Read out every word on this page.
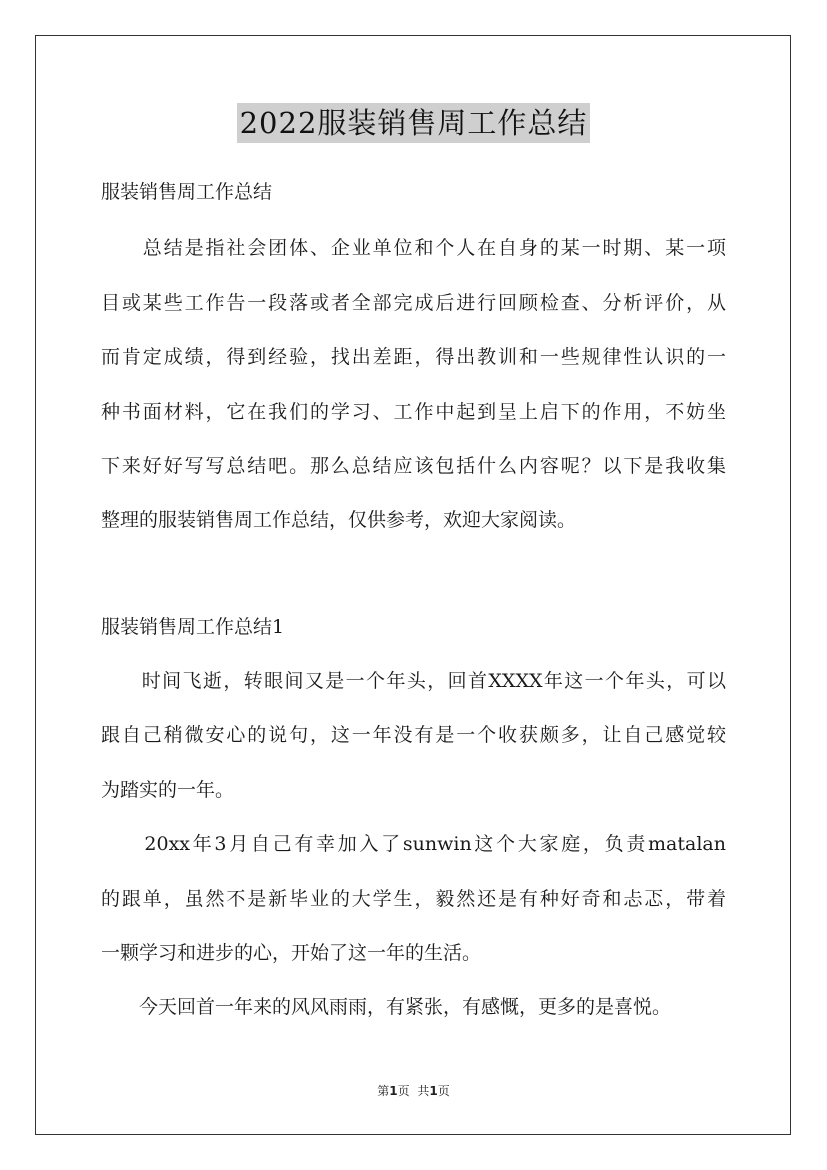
2022服装销售周工作总结
服装销售周工作总结
　　总结是指社会团体、企业单位和个人在自身的某一时期、某一项
目或某些工作告一段落或者全部完成后进行回顾检查、分析评价，从
而肯定成绩，得到经验，找出差距，得出教训和一些规律性认识的一
种书面材料，它在我们的学习、工作中起到呈上启下的作用，不妨坐
下来好好写写总结吧。那么总结应该包括什么内容呢？以下是我收集
整理的服装销售周工作总结，仅供参考，欢迎大家阅读。
服装销售周工作总结1
　　时间飞逝，转眼间又是一个年头，回首XXXX年这一个年头，可以
跟自己稍微安心的说句，这一年没有是一个收获颇多，让自己感觉较
为踏实的一年。
　　20xx年3月自己有幸加入了sunwin这个大家庭，负责matalan
的跟单，虽然不是新毕业的大学生，毅然还是有种好奇和忐忑，带着
一颗学习和进步的心，开始了这一年的生活。
　　今天回首一年来的风风雨雨，有紧张，有感慨，更多的是喜悦。
第1页 共1页
